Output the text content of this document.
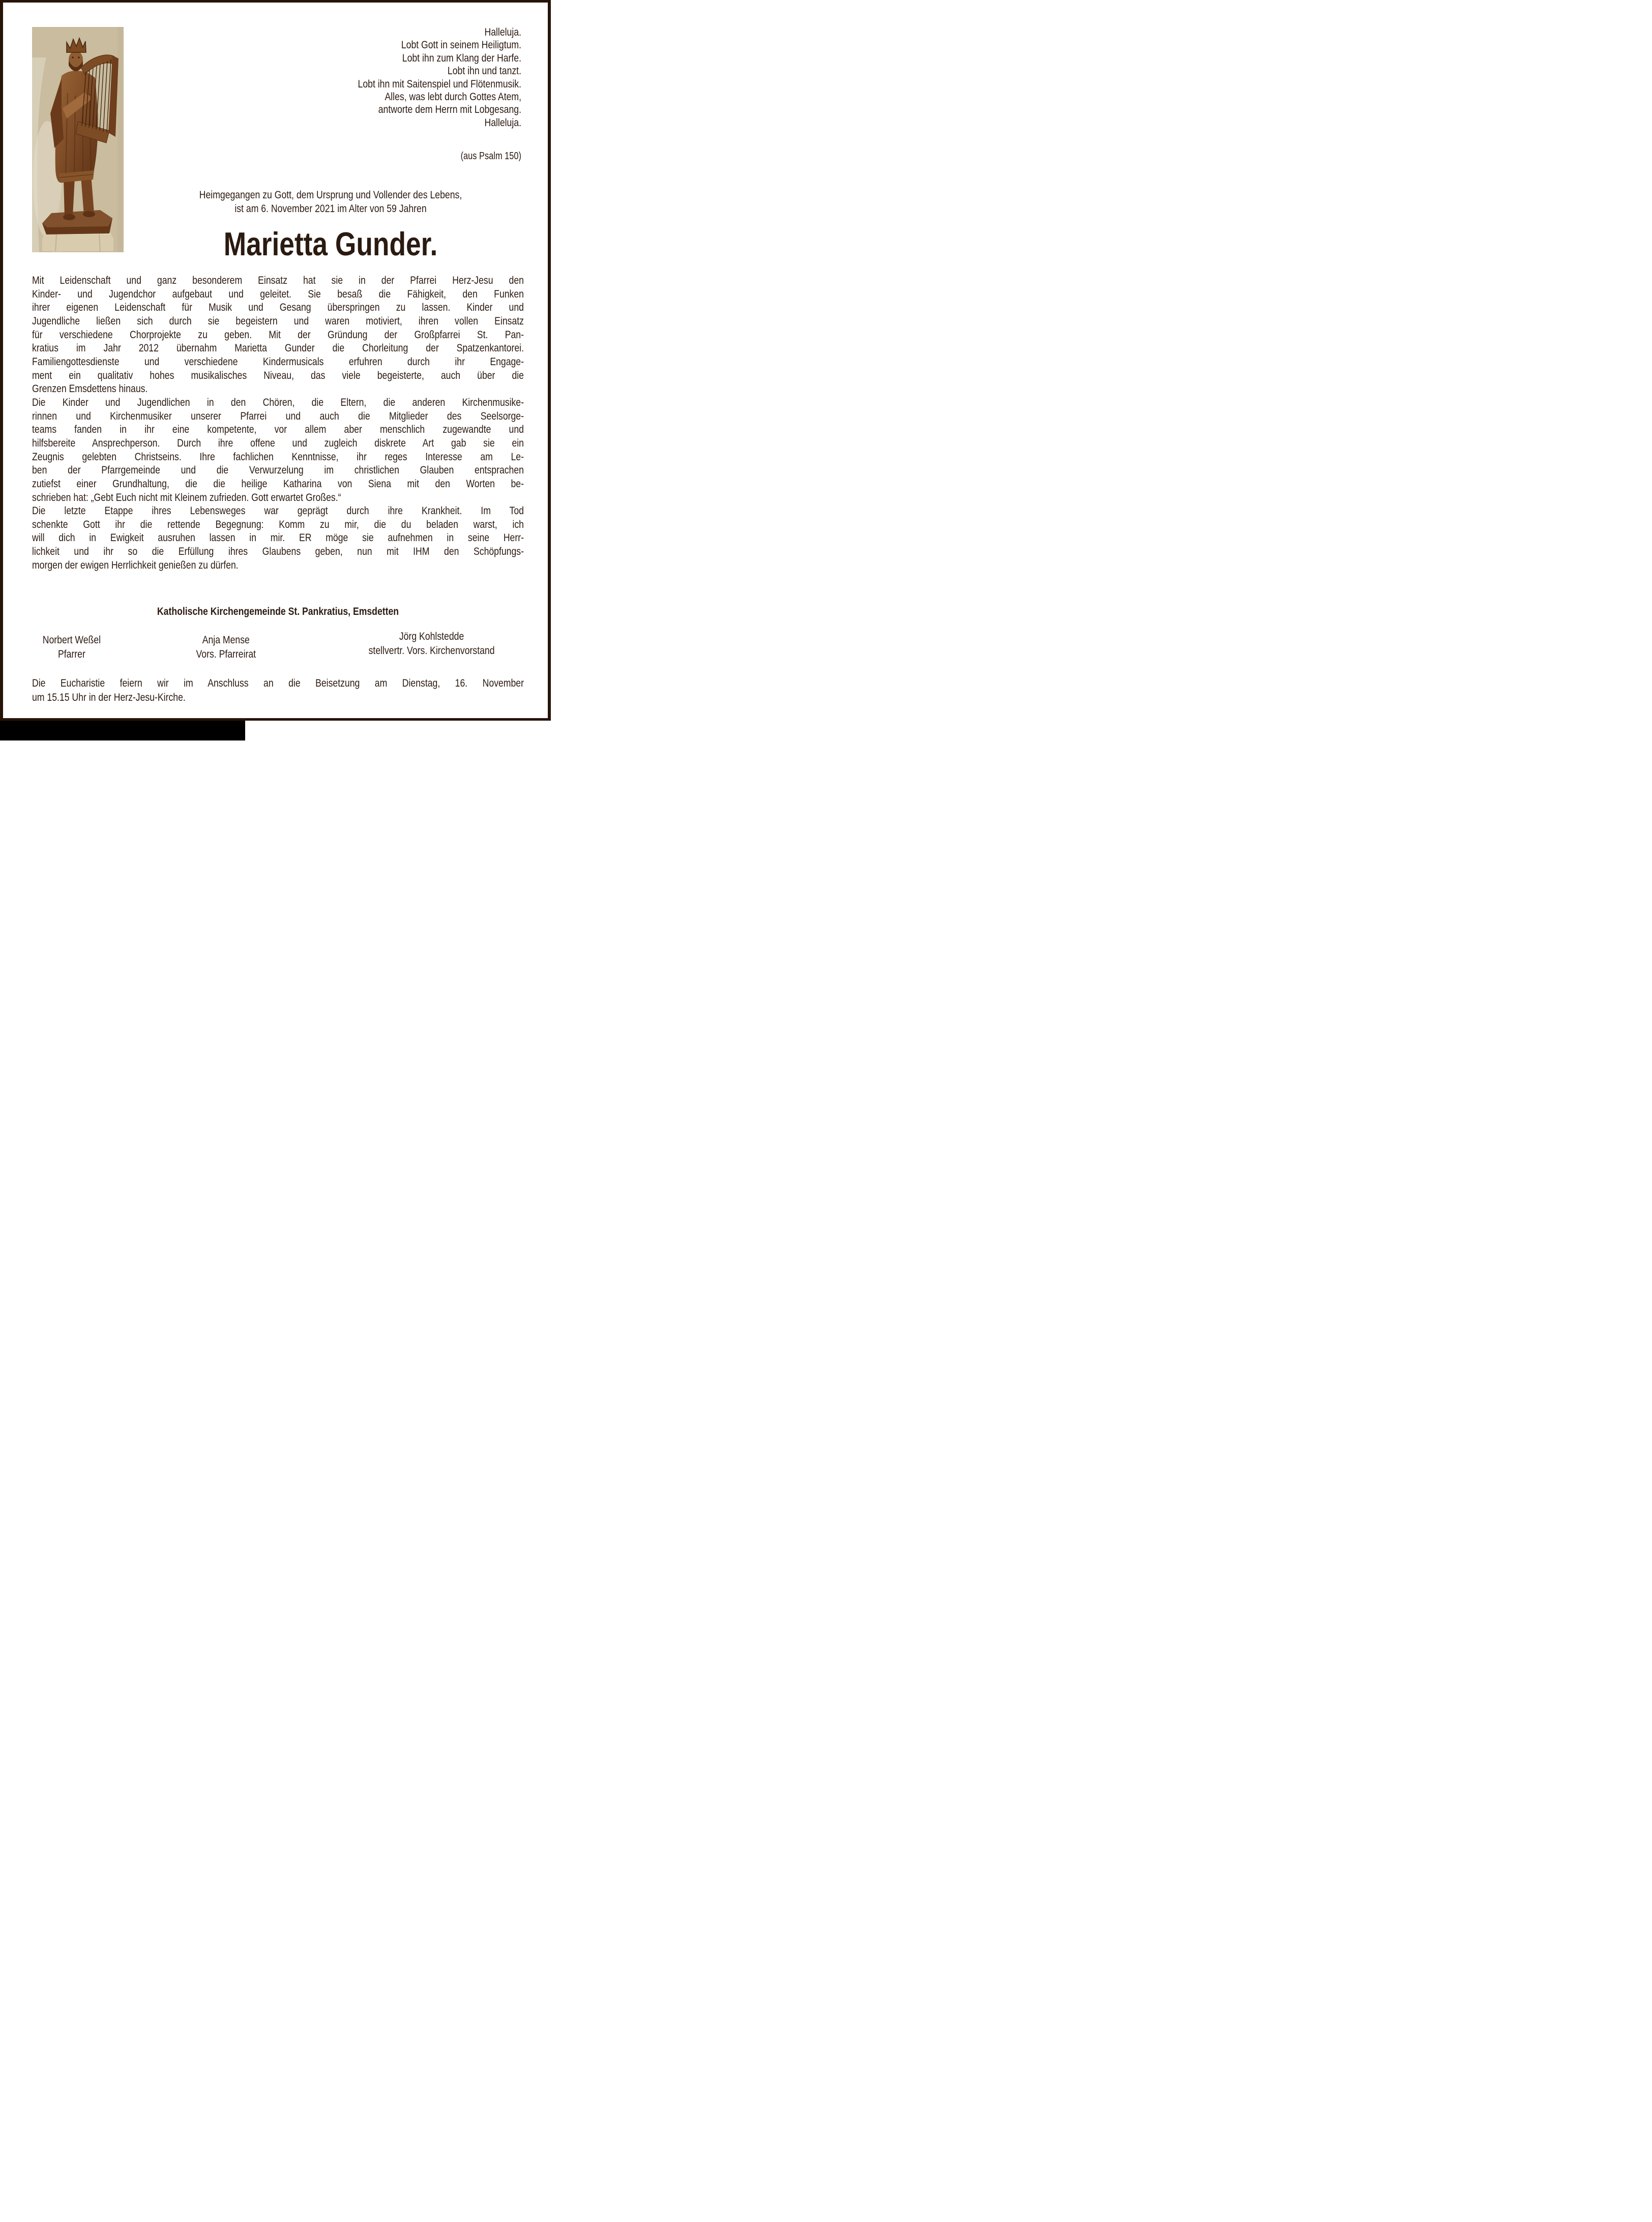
Halleluja.
Lobt Gott in seinem Heiligtum.
Lobt ihn zum Klang der Harfe.
Lobt ihn und tanzt.
Lobt ihn mit Saitenspiel und Flötenmusik.
Alles, was lebt durch Gottes Atem,
antworte dem Herrn mit Lobgesang.
Halleluja.
(aus Psalm 150)
Heimgegangen zu Gott, dem Ursprung und Vollender des Lebens,
ist am 6. November 2021 im Alter von 59 Jahren
Marietta Gunder.
Mit Leidenschaft und ganz besonderem Einsatz hat sie in der Pfarrei Herz-Jesu den
Kinder- und Jugendchor aufgebaut und geleitet. Sie besaß die Fähigkeit, den Funken
ihrer eigenen Leidenschaft für Musik und Gesang überspringen zu lassen. Kinder und
Jugendliche ließen sich durch sie begeistern und waren motiviert, ihren vollen Einsatz
für verschiedene Chorprojekte zu geben. Mit der Gründung der Großpfarrei St. Pan-
kratius im Jahr 2012 übernahm Marietta Gunder die Chorleitung der Spatzenkantorei.
Familiengottesdienste und verschiedene Kindermusicals erfuhren durch ihr Engage-
ment ein qualitativ hohes musikalisches Niveau, das viele begeisterte, auch über die
Grenzen Emsdettens hinaus.
Die Kinder und Jugendlichen in den Chören, die Eltern, die anderen Kirchenmusike-
rinnen und Kirchenmusiker unserer Pfarrei und auch die Mitglieder des Seelsorge-
teams fanden in ihr eine kompetente, vor allem aber menschlich zugewandte und
hilfsbereite Ansprechperson. Durch ihre offene und zugleich diskrete Art gab sie ein
Zeugnis gelebten Christseins. Ihre fachlichen Kenntnisse, ihr reges Interesse am Le-
ben der Pfarrgemeinde und die Verwurzelung im christlichen Glauben entsprachen
zutiefst einer Grundhaltung, die die heilige Katharina von Siena mit den Worten be-
schrieben hat: „Gebt Euch nicht mit Kleinem zufrieden. Gott erwartet Großes.“
Die letzte Etappe ihres Lebensweges war geprägt durch ihre Krankheit. Im Tod
schenkte Gott ihr die rettende Begegnung: Komm zu mir, die du beladen warst, ich
will dich in Ewigkeit ausruhen lassen in mir. ER möge sie aufnehmen in seine Herr-
lichkeit und ihr so die Erfüllung ihres Glaubens geben, nun mit IHM den Schöpfungs-
morgen der ewigen Herrlichkeit genießen zu dürfen.
Katholische Kirchengemeinde St. Pankratius, Emsdetten
Norbert Weßel
Pfarrer
Anja Mense
Vors. Pfarreirat
Jörg Kohlstedde
stellvertr. Vors. Kirchenvorstand
Die Eucharistie feiern wir im Anschluss an die Beisetzung am Dienstag, 16. November
um 15.15 Uhr in der Herz-Jesu-Kirche.
